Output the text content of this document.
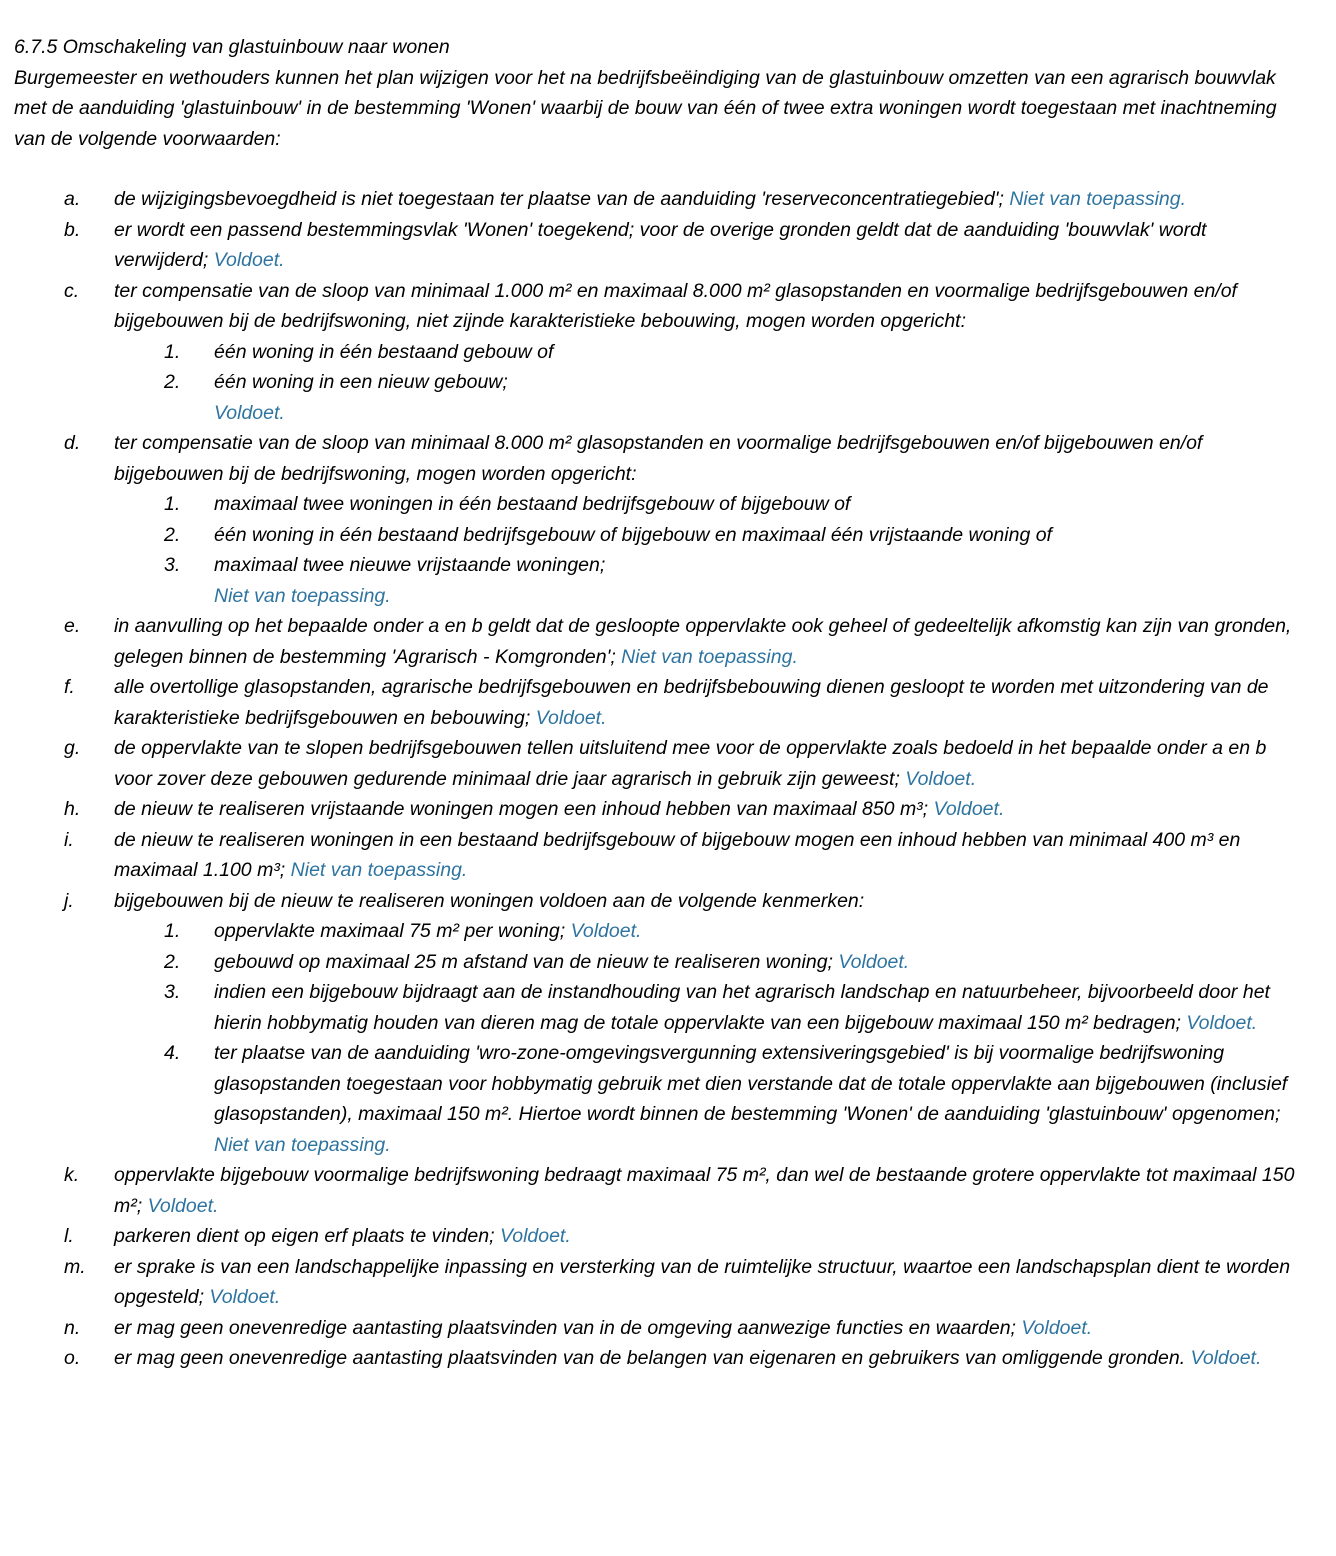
6.7.5 Omschakeling van glastuinbouw naar wonen

Burgemeester en wethouders kunnen het plan wijzigen voor het na bedrijfsbeëindiging van de glastuinbouw omzetten van een agrarisch bouwvlak met de aanduiding 'glastuinbouw' in de bestemming 'Wonen' waarbij de bouw van één of twee extra woningen wordt toegestaan met inachtneming van de volgende voorwaarden:

a.	de wijzigingsbevoegdheid is niet toegestaan ter plaatse van de aanduiding 'reserveconcentratiegebied'; Niet van toepassing.
b.	er wordt een passend bestemmingsvlak 'Wonen' toegekend; voor de overige gronden geldt dat de aanduiding 'bouwvlak' wordt verwijderd; Voldoet.
c.	ter compensatie van de sloop van minimaal 1.000 m² en maximaal 8.000 m² glasopstanden en voormalige bedrijfsgebouwen en/of bijgebouwen bij de bedrijfswoning, niet zijnde karakteristieke bebouwing, mogen worden opgericht:
1.	één woning in één bestaand gebouw of
2.	één woning in een nieuw gebouw;
Voldoet.
d.	ter compensatie van de sloop van minimaal 8.000 m² glasopstanden en voormalige bedrijfsgebouwen en/of bijgebouwen en/of bijgebouwen bij de bedrijfswoning, mogen worden opgericht:
1.	maximaal twee woningen in één bestaand bedrijfsgebouw of bijgebouw of
2.	één woning in één bestaand bedrijfsgebouw of bijgebouw en maximaal één vrijstaande woning of
3.	maximaal twee nieuwe vrijstaande woningen;
Niet van toepassing.
e.	in aanvulling op het bepaalde onder a en b geldt dat de gesloopte oppervlakte ook geheel of gedeeltelijk afkomstig kan zijn van gronden, gelegen binnen de bestemming 'Agrarisch - Komgronden'; Niet van toepassing.
f.	alle overtollige glasopstanden, agrarische bedrijfsgebouwen en bedrijfsbebouwing dienen gesloopt te worden met uitzondering van de karakteristieke bedrijfsgebouwen en bebouwing; Voldoet.
g.	de oppervlakte van te slopen bedrijfsgebouwen tellen uitsluitend mee voor de oppervlakte zoals bedoeld in het bepaalde onder a en b voor zover deze gebouwen gedurende minimaal drie jaar agrarisch in gebruik zijn geweest; Voldoet.
h.	de nieuw te realiseren vrijstaande woningen mogen een inhoud hebben van maximaal 850 m³; Voldoet.
i.	de nieuw te realiseren woningen in een bestaand bedrijfsgebouw of bijgebouw mogen een inhoud hebben van minimaal 400 m³ en maximaal 1.100 m³; Niet van toepassing.
j.	bijgebouwen bij de nieuw te realiseren woningen voldoen aan de volgende kenmerken:
1.	oppervlakte maximaal 75 m² per woning; Voldoet.
2.	gebouwd op maximaal 25 m afstand van de nieuw te realiseren woning; Voldoet.
3.	indien een bijgebouw bijdraagt aan de instandhouding van het agrarisch landschap en natuurbeheer, bijvoorbeeld door het hierin hobbymatig houden van dieren mag de totale oppervlakte van een bijgebouw maximaal 150 m² bedragen; Voldoet.
4.	ter plaatse van de aanduiding 'wro-zone-omgevingsvergunning extensiveringsgebied' is bij voormalige bedrijfswoning glasopstanden toegestaan voor hobbymatig gebruik met dien verstande dat de totale oppervlakte aan bijgebouwen (inclusief glasopstanden), maximaal 150 m². Hiertoe wordt binnen de bestemming 'Wonen' de aanduiding 'glastuinbouw' opgenomen; Niet van toepassing.
k.	oppervlakte bijgebouw voormalige bedrijfswoning bedraagt maximaal 75 m², dan wel de bestaande grotere oppervlakte tot maximaal 150 m²; Voldoet.
l.	parkeren dient op eigen erf plaats te vinden; Voldoet.
m.	er sprake is van een landschappelijke inpassing en versterking van de ruimtelijke structuur, waartoe een landschapsplan dient te worden opgesteld; Voldoet.
n.	er mag geen onevenredige aantasting plaatsvinden van in de omgeving aanwezige functies en waarden; Voldoet.
o.	er mag geen onevenredige aantasting plaatsvinden van de belangen van eigenaren en gebruikers van omliggende gronden. Voldoet.
